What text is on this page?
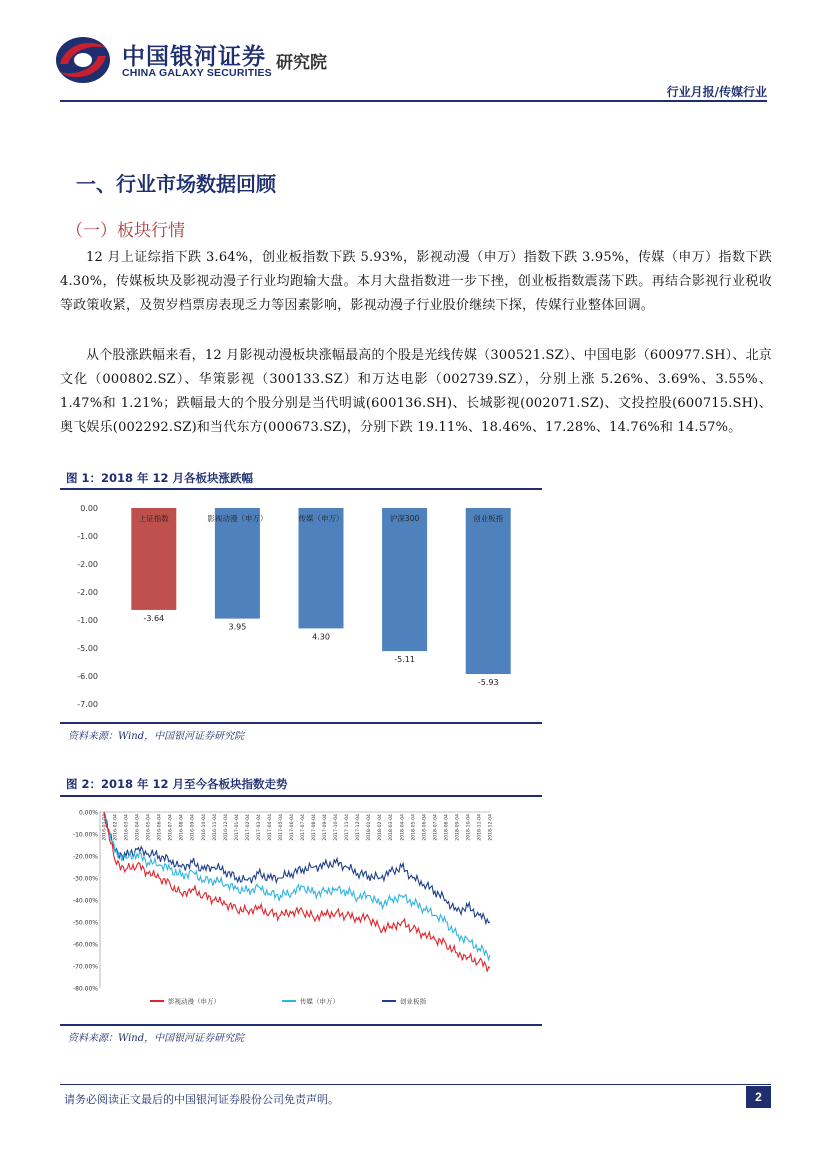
中国银河证券
CHINA GALAXY SECURITIES 研究院
行业月报/传媒行业
一、行业市场数据回顾
（一）板块行情
12 月上证综指下跌 3.64%，创业板指数下跌 5.93%，影视动漫（申万）指数下跌 3.95%，传媒（申万）指数下跌 4.30%，传媒板块及影视动漫子行业均跑输大盘。本月大盘指数进一步下挫，创业板指数震荡下跌。再结合影视行业税收等政策收紧，及贺岁档票房表现乏力等因素影响，影视动漫子行业股价继续下探，传媒行业整体回调。
从个股涨跌幅来看，12 月影视动漫板块涨幅最高的个股是光线传媒（300521.SZ）、中国电影（600977.SH）、北京文化（000802.SZ）、华策影视（300133.SZ）和万达电影（002739.SZ），分别上涨 5.26%、3.69%、3.55%、1.47%和 1.21%；跌幅最大的个股分别是当代明诚(600136.SH)、长城影视(002071.SZ)、文投控股(600715.SH)、奥飞娱乐(002292.SZ)和当代东方(000673.SZ)，分别下跌 19.11%、18.46%、17.28%、14.76%和 14.57%。
图 1：2018 年 12 月各板块涨跌幅
0.00
-1.00
-2.00
-2.00
-1.00
-5.00
-6.00
-7.00
上证指数
-3.64
影视动漫（申万）
3.95
传媒（申万）
4.30
沪深300
-5.11
创业板指
-5.93
资料来源：Wind，中国银河证券研究院
图 2：2018 年 12 月至今各板块指数走势
0.00%
-10.00%
-20.00%
-30.00%
-40.00%
-50.00%
-60.00%
-70.00%
-80.00%
2016-01-04 2016-02-04 2016-03-04 2016-04-04 2016-05-04 2016-06-04 2016-07-04 2016-08-04 2016-09-04 2016-10-04 2016-11-04 2016-12-04 2017-01-04 2017-02-04 2017-03-04 2017-04-04 2017-05-04 2017-06-04 2017-07-04 2017-08-04 2017-09-04 2017-10-04 2017-11-04 2017-12-04 2018-01-04 2018-02-04 2018-03-04 2018-04-04 2018-05-04 2018-06-04 2018-07-04 2018-08-04 2018-09-04 2018-10-04 2018-11-04 2018-12-04
影视动漫（申万）	传媒（申万）	创业板指
资料来源：Wind，中国银河证券研究院
请务必阅读正文最后的中国银河证券股份公司免责声明。	2
